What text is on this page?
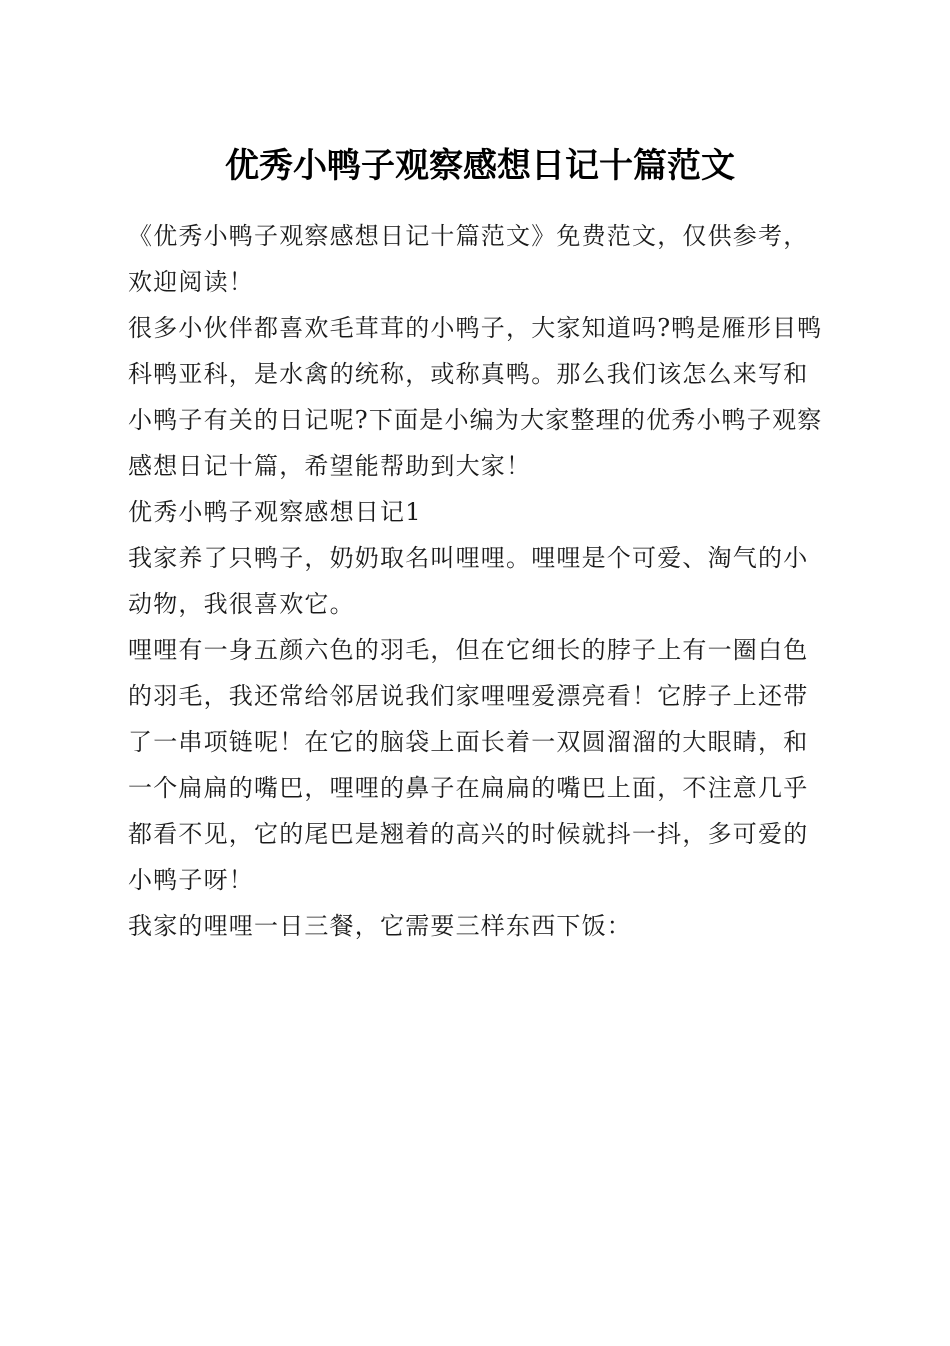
优秀小鸭子观察感想日记十篇范文

《优秀小鸭子观察感想日记十篇范文》免费范文，仅供参考，欢迎阅读！

很多小伙伴都喜欢毛茸茸的小鸭子，大家知道吗?鸭是雁形目鸭科鸭亚科，是水禽的统称，或称真鸭。那么我们该怎么来写和小鸭子有关的日记呢?下面是小编为大家整理的优秀小鸭子观察感想日记十篇，希望能帮助到大家！

优秀小鸭子观察感想日记1

我家养了只鸭子，奶奶取名叫哩哩。哩哩是个可爱、淘气的小动物，我很喜欢它。

哩哩有一身五颜六色的羽毛，但在它细长的脖子上有一圈白色的羽毛，我还常给邻居说我们家哩哩爱漂亮看！它脖子上还带了一串项链呢！在它的脑袋上面长着一双圆溜溜的大眼睛，和一个扁扁的嘴巴，哩哩的鼻子在扁扁的嘴巴上面，不注意几乎都看不见，它的尾巴是翘着的高兴的时候就抖一抖，多可爱的小鸭子呀！

我家的哩哩一日三餐，它需要三样东西下饭：
